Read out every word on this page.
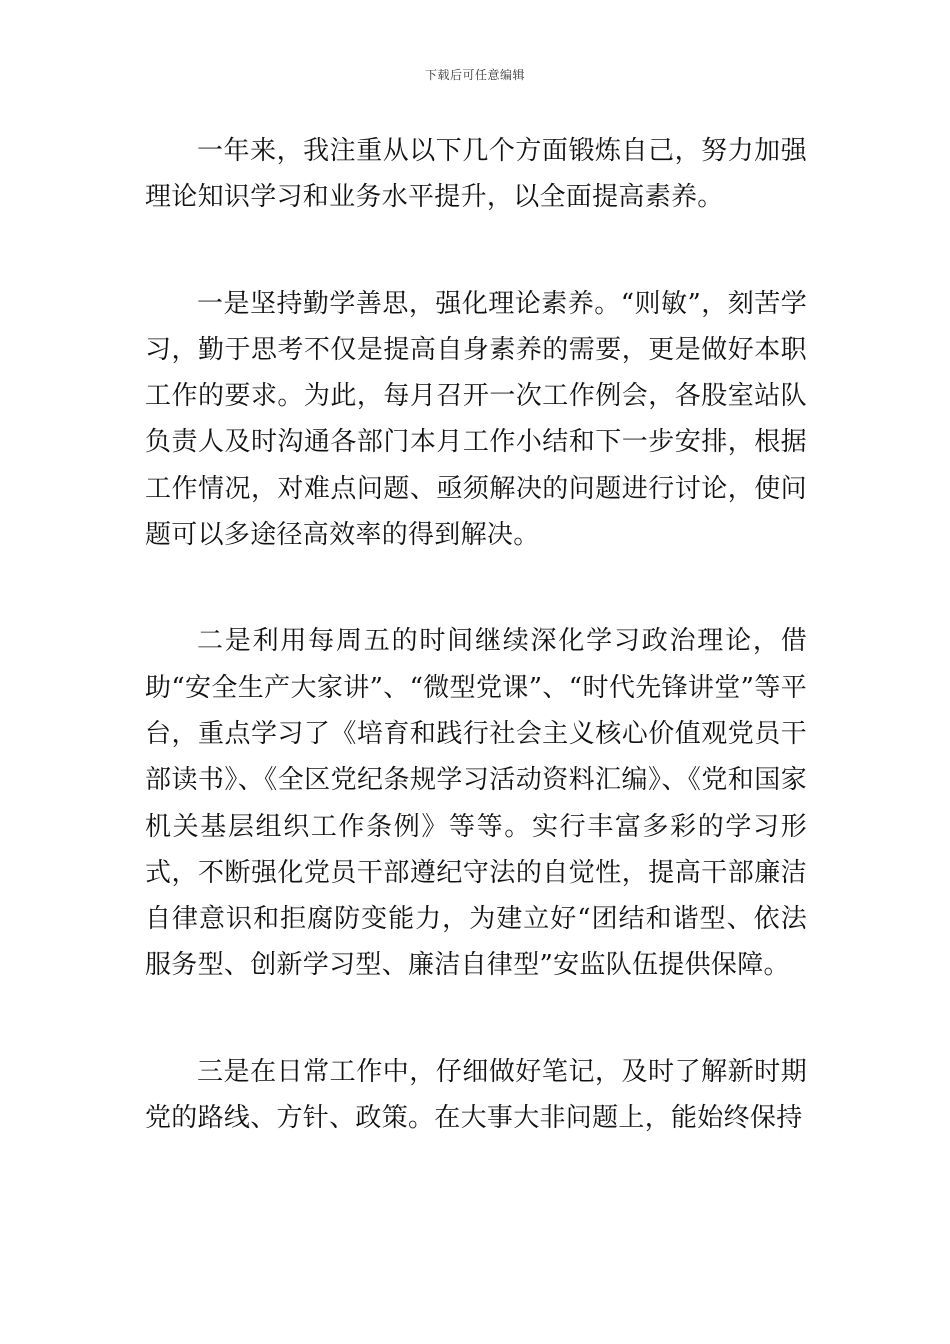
下载后可任意编辑

一年来，我注重从以下几个方面锻炼自己，努力加强理论知识学习和业务水平提升，以全面提高素养。

一是坚持勤学善思，强化理论素养。“则敏”，刻苦学习，勤于思考不仅是提高自身素养的需要，更是做好本职工作的要求。为此，每月召开一次工作例会，各股室站队负责人及时沟通各部门本月工作小结和下一步安排，根据工作情况，对难点问题、亟须解决的问题进行讨论，使问题可以多途径高效率的得到解决。

二是利用每周五的时间继续深化学习政治理论，借助“安全生产大家讲”、“微型党课”、“时代先锋讲堂”等平台，重点学习了《培育和践行社会主义核心价值观党员干部读书》、《全区党纪条规学习活动资料汇编》、《党和国家机关基层组织工作条例》等等。实行丰富多彩的学习形式，不断强化党员干部遵纪守法的自觉性，提高干部廉洁自律意识和拒腐防变能力，为建立好“团结和谐型、依法服务型、创新学习型、廉洁自律型”安监队伍提供保障。

三是在日常工作中，仔细做好笔记，及时了解新时期党的路线、方针、政策。在大事大非问题上，能始终保持
